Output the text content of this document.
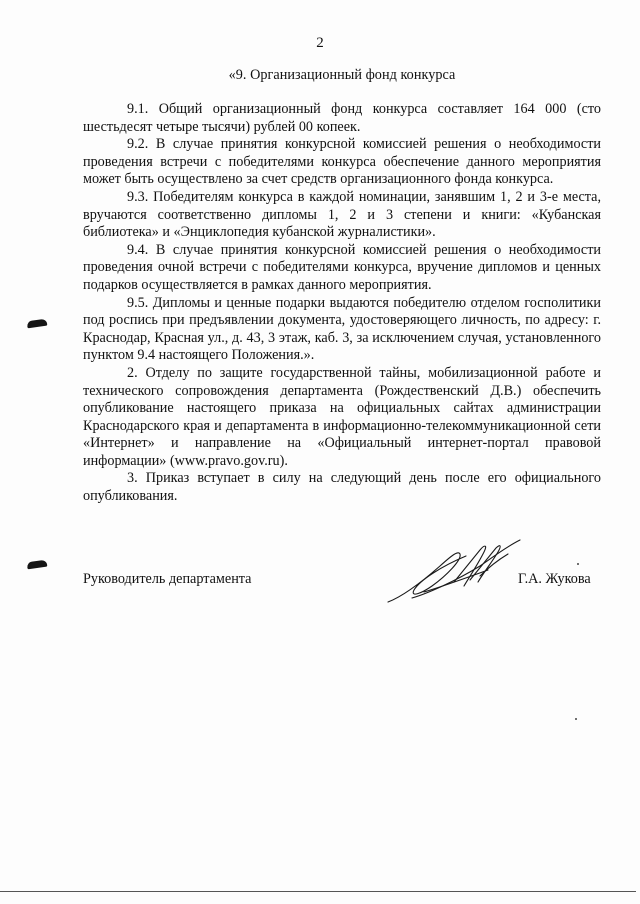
2
«9. Организационный фонд конкурса

9.1. Общий организационный фонд конкурса составляет 164 000 (сто шестьдесят четыре тысячи) рублей 00 копеек.

9.2. В случае принятия конкурсной комиссией решения о необходимости проведения встречи с победителями конкурса обеспечение данного мероприятия может быть осуществлено за счет средств организационного фонда конкурса.

9.3. Победителям конкурса в каждой номинации, занявшим 1, 2 и 3-е места, вручаются соответственно дипломы 1, 2 и 3 степени и книги: «Кубанская библиотека» и «Энциклопедия кубанской журналистики».

9.4. В случае принятия конкурсной комиссией решения о необходимости проведения очной встречи с победителями конкурса, вручение дипломов и ценных подарков осуществляется в рамках данного мероприятия.

9.5. Дипломы и ценные подарки выдаются победителю отделом госполитики под роспись при предъявлении документа, удостоверяющего личность, по адресу: г. Краснодар, Красная ул., д. 43, 3 этаж, каб. 3, за исключением случая, установленного пунктом 9.4 настоящего Положения.».

2. Отделу по защите государственной тайны, мобилизационной работе и технического сопровождения департамента (Рождественский Д.В.) обеспечить опубликование настоящего приказа на официальных сайтах администрации Краснодарского края и департамента в информационно-телекоммуникационной сети «Интернет» и направление на «Официальный интернет-портал правовой информации» (www.pravo.gov.ru).

3. Приказ вступает в силу на следующий день после его официального опубликования.

Руководитель департамента	Г.А. Жукова
